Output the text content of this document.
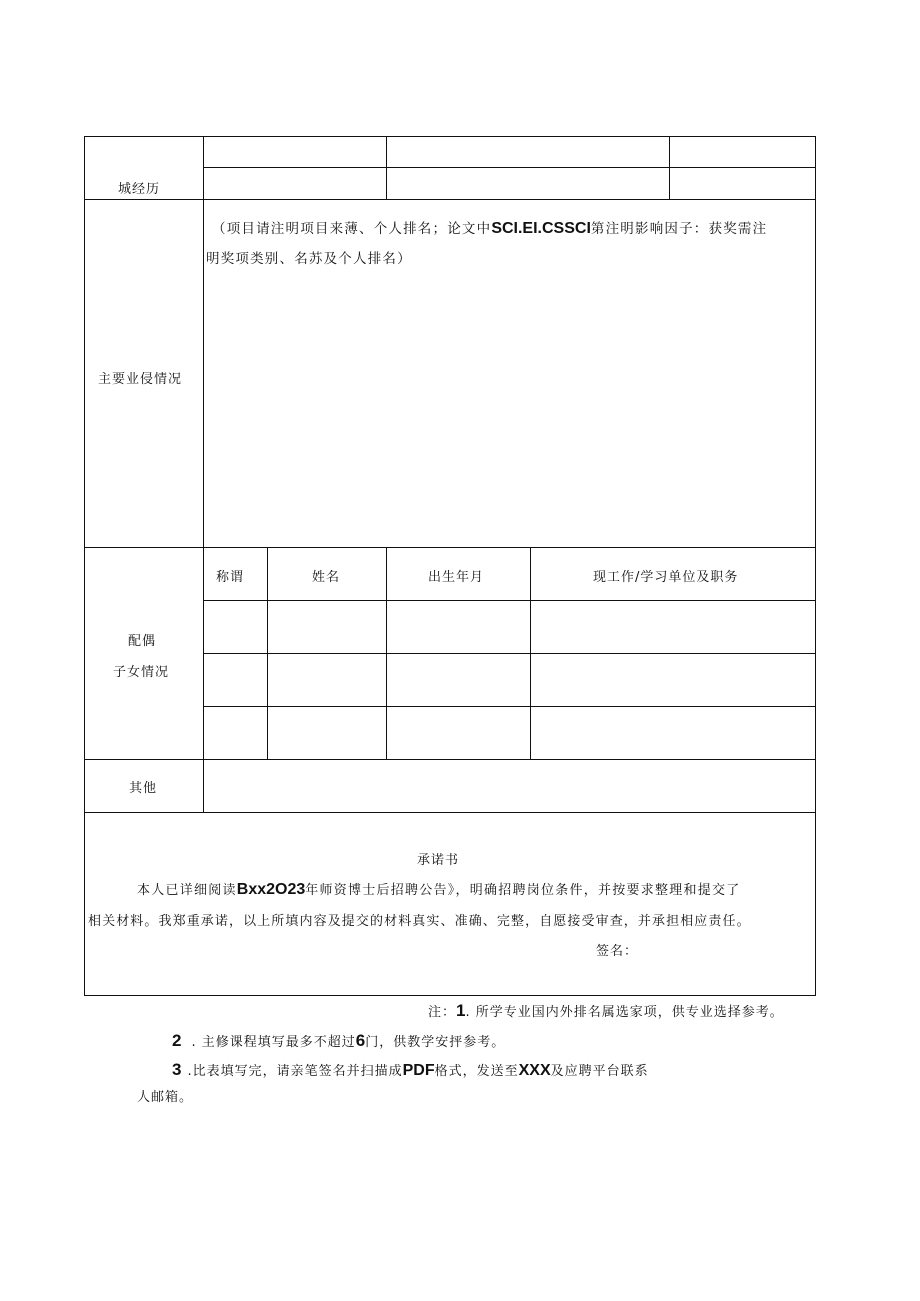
城经历
主要业侵情况
（项目请注明项目来薄、个人排名；论文中SCI.EI.CSSCI第注明影响因子：获奖需注
明奖项类别、名苏及个人排名）
配偶
子女情况
称谓	姓名	出生年月	现工作/学习单位及职务
其他
承诺书
本人已详细阅读Bxx2O23年师资博士后招聘公告》，明确招聘岗位条件，并按要求整理和提交了
相关材料。我郑重承诺，以上所填内容及提交的材料真实、准确、完整，自愿接受审查，并承担相应责任。
签名：
注：1. 所学专业国内外排名属选家项，供专业选择参考。
2 . 主修课程填写最多不超过6门，供教学安抨参考。
3 .比表填写完，请亲笔签名并扫描成PDF格式，发送至XXX及应聘平台联系
人邮箱。
